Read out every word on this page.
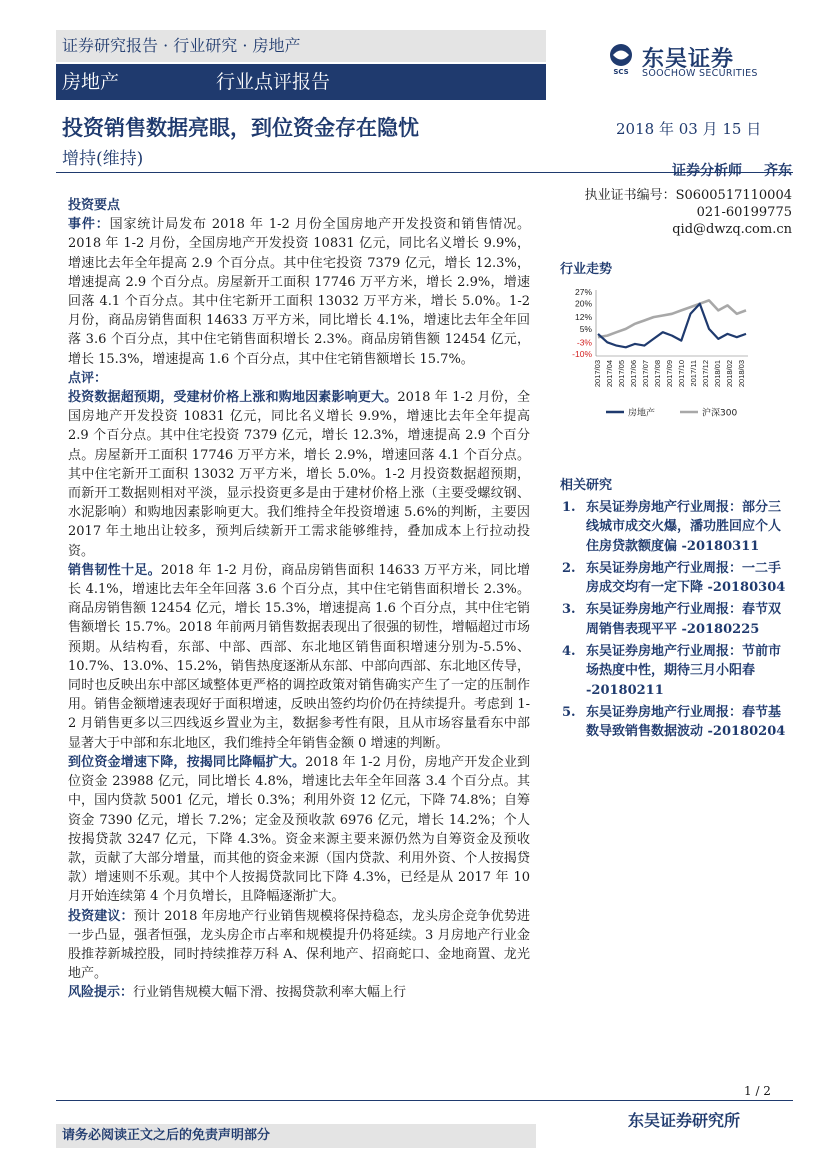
证券研究报告 · 行业研究 · 房地产
房地产	行业点评报告	SCS 东吴证券
SOOCHOW SECURITIES
投资销售数据亮眼，到位资金存在隐忧	2018 年 03 月 15 日
增持(维持)
证券分析师 齐东
执业证书编号：S0600517110004
021-60199775
qid@dwzq.com.cn

投资要点

事件：国家统计局发布 2018 年 1-2 月份全国房地产开发投资和销售情况。2018 年 1-2 月份，全国房地产开发投资 10831 亿元，同比名义增长 9.9%，增速比去年全年提高 2.9 个百分点。其中住宅投资 7379 亿元，增长 12.3%，增速提高 2.9 个百分点。房屋新开工面积 17746 万平方米，增长 2.9%，增速回落 4.1 个百分点。其中住宅新开工面积 13032 万平方米，增长 5.0%。1-2 月份，商品房销售面积 14633 万平方米，同比增长 4.1%，增速比去年全年回落 3.6 个百分点，其中住宅销售面积增长 2.3%。商品房销售额 12454 亿元，增长 15.3%，增速提高 1.6 个百分点，其中住宅销售额增长 15.7%。

点评：

投资数据超预期，受建材价格上涨和购地因素影响更大。2018 年 1-2 月份，全国房地产开发投资 10831 亿元，同比名义增长 9.9%，增速比去年全年提高 2.9 个百分点。其中住宅投资 7379 亿元，增长 12.3%，增速提高 2.9 个百分点。房屋新开工面积 17746 万平方米，增长 2.9%，增速回落 4.1 个百分点。其中住宅新开工面积 13032 万平方米，增长 5.0%。1-2 月投资数据超预期，而新开工数据则相对平淡，显示投资更多是由于建材价格上涨（主要受螺纹钢、水泥影响）和购地因素影响更大。我们维持全年投资增速 5.6%的判断，主要因 2017 年土地出让较多，预判后续新开工需求能够维持，叠加成本上行拉动投资。

销售韧性十足。2018 年 1-2 月份，商品房销售面积 14633 万平方米，同比增长 4.1%，增速比去年全年回落 3.6 个百分点，其中住宅销售面积增长 2.3%。商品房销售额 12454 亿元，增长 15.3%，增速提高 1.6 个百分点，其中住宅销售额增长 15.7%。2018 年前两月销售数据表现出了很强的韧性，增幅超过市场预期。从结构看，东部、中部、西部、东北地区销售面积增速分别为-5.5%、10.7%、13.0%、15.2%，销售热度逐渐从东部、中部向西部、东北地区传导，同时也反映出东中部区域整体更严格的调控政策对销售确实产生了一定的压制作用。销售金额增速表现好于面积增速，反映出签约均价仍在持续提升。考虑到 1-2 月销售更多以三四线返乡置业为主，数据参考性有限，且从市场容量看东中部显著大于中部和东北地区，我们维持全年销售金额 0 增速的判断。

到位资金增速下降，按揭同比降幅扩大。2018 年 1-2 月份，房地产开发企业到位资金 23988 亿元，同比增长 4.8%，增速比去年全年回落 3.4 个百分点。其中，国内贷款 5001 亿元，增长 0.3%；利用外资 12 亿元，下降 74.8%；自筹资金 7390 亿元，增长 7.2%；定金及预收款 6976 亿元，增长 14.2%；个人按揭贷款 3247 亿元，下降 4.3%。资金来源主要来源仍然为自筹资金及预收款，贡献了大部分增量，而其他的资金来源（国内贷款、利用外资、个人按揭贷款）增速则不乐观。其中个人按揭贷款同比下降 4.3%，已经是从 2017 年 10 月开始连续第 4 个月负增长，且降幅逐渐扩大。

投资建议：预计 2018 年房地产行业销售规模将保持稳态，龙头房企竞争优势进一步凸显，强者恒强，龙头房企市占率和规模提升仍将延续。3 月房地产行业金股推荐新城控股，同时持续推荐万科 A、保利地产、招商蛇口、金地商置、龙光地产。

风险提示：行业销售规模大幅下滑、按揭贷款利率大幅上行

行业走势
27%
20%
12%
5%
-3%
-10%
2017/03 2017/04 2017/05 2017/06 2017/07 2017/08 2017/09 2017/10 2017/11 2017/12 2018/01 2018/02 2018/03
房地产	沪深300
相关研究
1. 东吴证券房地产行业周报：部分三线城市成交火爆，潘功胜回应个人住房贷款额度偏 -20180311
2. 东吴证券房地产行业周报：一二手房成交均有一定下降 -20180304
3. 东吴证券房地产行业周报：春节双周销售表现平平 -20180225
4. 东吴证券房地产行业周报：节前市场热度中性，期待三月小阳春 -20180211
5. 东吴证券房地产行业周报：春节基数导致销售数据波动 -20180204
1 / 2
东吴证券研究所
请务必阅读正文之后的免责声明部分
